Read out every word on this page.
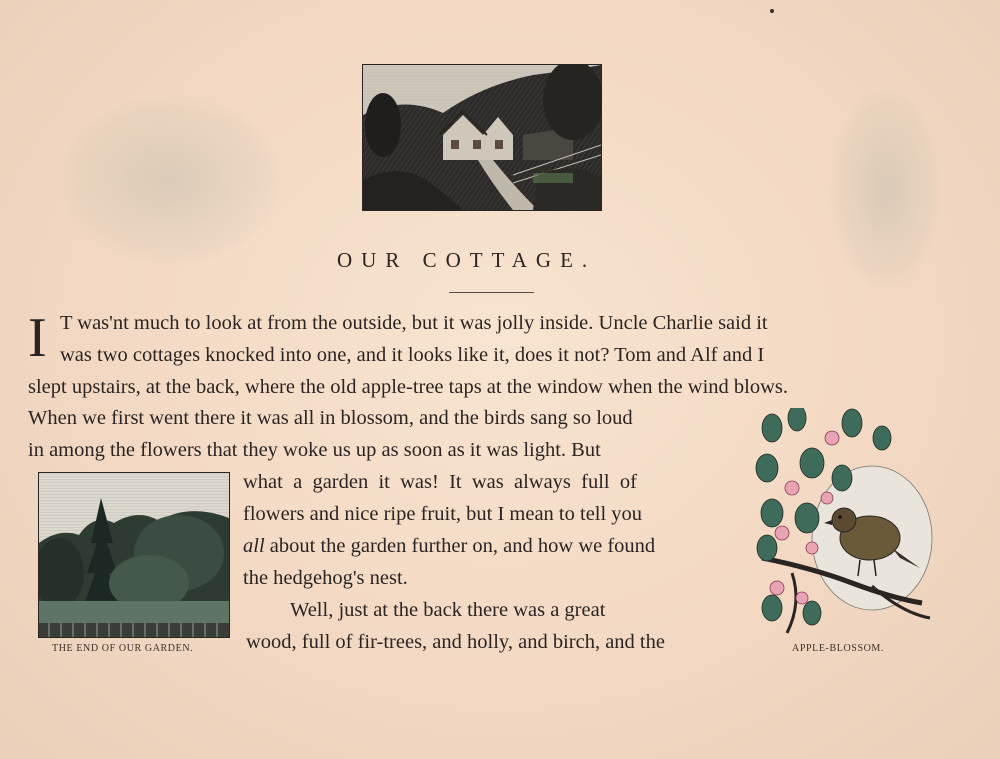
OUR COTTAGE.
I T was'nt much to look at from the outside, but it was jolly inside. Uncle Charlie said it
was two cottages knocked into one, and it looks like it, does it not? Tom and Alf and I
slept upstairs, at the back, where the old apple-tree taps at the window when the wind blows.
When we first went there it was all in blossom, and the birds sang so loud
in among the flowers that they woke us up as soon as it was light. But
what  a  garden  it  was!  It  was  always  full  of
flowers and nice ripe fruit, but I mean to tell you
all about the garden further on, and how we found
the hedgehog's nest.
Well, just at the back there was a great
wood, full of fir-trees, and holly, and birch, and the
THE END OF OUR GARDEN.	APPLE-BLOSSOM.
